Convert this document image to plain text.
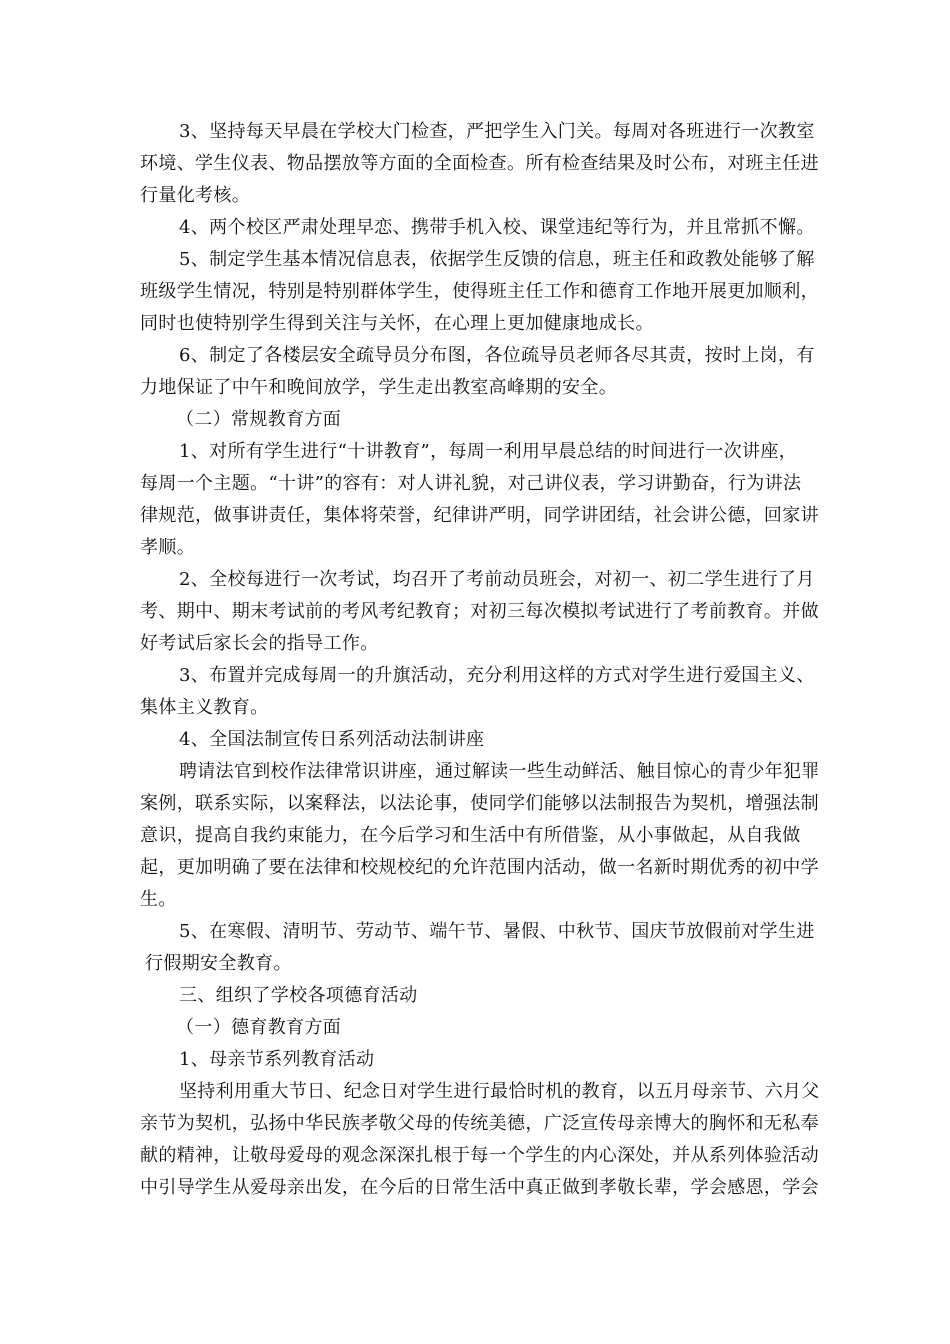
3、坚持每天早晨在学校大门检查，严把学生入门关。每周对各班进行一次教室
环境、学生仪表、物品摆放等方面的全面检查。所有检查结果及时公布，对班主任进
行量化考核。
4、两个校区严肃处理早恋、携带手机入校、课堂违纪等行为，并且常抓不懈。
5、制定学生基本情况信息表，依据学生反馈的信息，班主任和政教处能够了解
班级学生情况，特别是特别群体学生，使得班主任工作和德育工作地开展更加顺利，
同时也使特别学生得到关注与关怀，在心理上更加健康地成长。
6、制定了各楼层安全疏导员分布图，各位疏导员老师各尽其责，按时上岗，有
力地保证了中午和晚间放学，学生走出教室高峰期的安全。
（二）常规教育方面
1、对所有学生进行“十讲教育”，每周一利用早晨总结的时间进行一次讲座，
每周一个主题。“十讲”的容有：对人讲礼貌，对己讲仪表，学习讲勤奋，行为讲法
律规范，做事讲责任，集体将荣誉，纪律讲严明，同学讲团结，社会讲公德，回家讲
孝顺。
2、全校每进行一次考试，均召开了考前动员班会，对初一、初二学生进行了月
考、期中、期末考试前的考风考纪教育；对初三每次模拟考试进行了考前教育。并做
好考试后家长会的指导工作。
3、布置并完成每周一的升旗活动，充分利用这样的方式对学生进行爱国主义、
集体主义教育。
4、全国法制宣传日系列活动法制讲座
聘请法官到校作法律常识讲座，通过解读一些生动鲜活、触目惊心的青少年犯罪
案例，联系实际，以案释法，以法论事，使同学们能够以法制报告为契机，增强法制
意识，提高自我约束能力，在今后学习和生活中有所借鉴，从小事做起，从自我做
起，更加明确了要在法律和校规校纪的允许范围内活动，做一名新时期优秀的初中学
生。
5、在寒假、清明节、劳动节、端午节、暑假、中秋节、国庆节放假前对学生进
行假期安全教育。
三、组织了学校各项德育活动
（一）德育教育方面
1、母亲节系列教育活动
坚持利用重大节日、纪念日对学生进行最恰时机的教育，以五月母亲节、六月父
亲节为契机，弘扬中华民族孝敬父母的传统美德，广泛宣传母亲博大的胸怀和无私奉
献的精神，让敬母爱母的观念深深扎根于每一个学生的内心深处，并从系列体验活动
中引导学生从爱母亲出发，在今后的日常生活中真正做到孝敬长辈，学会感恩，学会
